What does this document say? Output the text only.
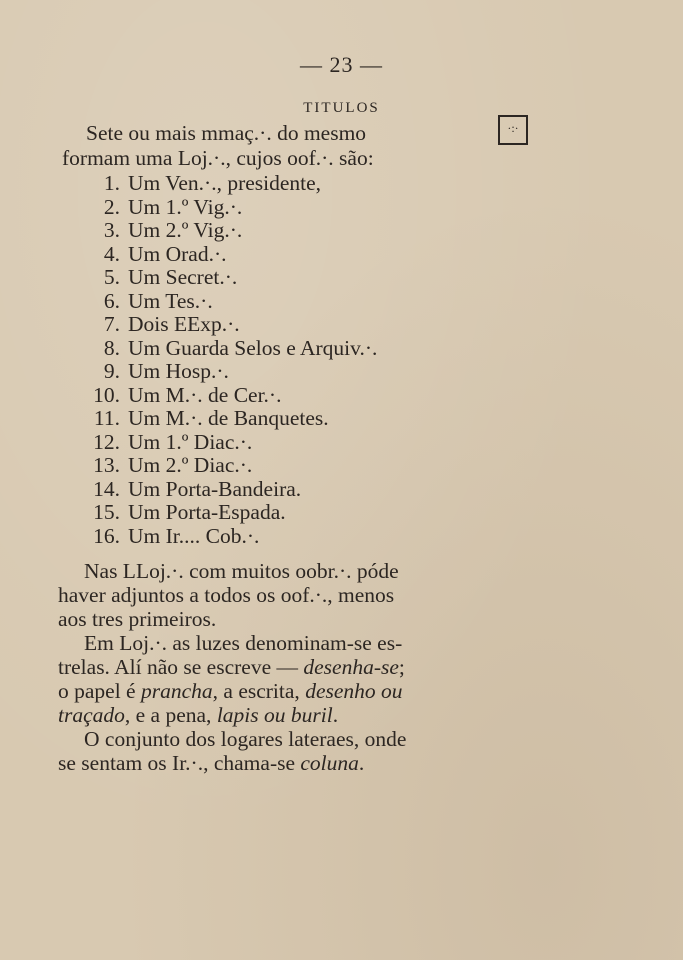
— 23 —
TITULOS
Sete ou mais mmaç.·. do mesmo	·:·
formam uma Loj.·., cujos oof.·. são:
1. Um Ven.·., presidente,
2. Um 1.º Vig.·.
3. Um 2.º Vig.·.
4. Um Orad.·.
5. Um Secret.·.
6. Um Tes.·.
7. Dois EExp.·.
8. Um Guarda Selos e Arquiv.·.
9. Um Hosp.·.
10. Um M.·. de Cer.·.
11. Um M.·. de Banquetes.
12. Um 1.º Diac.·.
13. Um 2.º Diac.·.
14. Um Porta-Bandeira.
15. Um Porta-Espada.
16. Um Ir.... Cob.·.
Nas LLoj.·. com muitos oobr.·. póde
haver adjuntos a todos os oof.·., menos
aos tres primeiros.
Em Loj.·. as luzes denominam-se es-
trelas. Alí não se escreve — desenha-se;
o papel é prancha, a escrita, desenho ou
traçado, e a pena, lapis ou buril.
O conjunto dos logares lateraes, onde
se sentam os Ir.·., chama-se coluna.
